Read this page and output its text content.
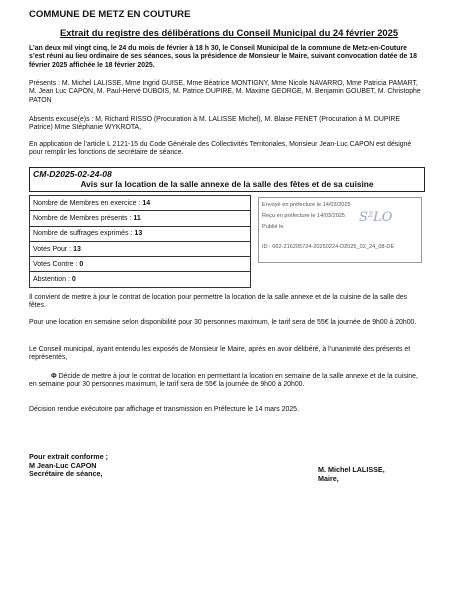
COMMUNE DE METZ EN COUTURE
Extrait du registre des délibérations du Conseil Municipal du 24 février 2025
L’an deux mil vingt cinq, le 24 du mois de février à 18 h 30, le Conseil Municipal de la commune de Metz-en-Couture s’est réuni au lieu ordinaire de ses séances, sous la présidence de Monsieur le Maire, suivant convocation datée de 18 février 2025 affichée le 18 février 2025.
Présents : M. Michel LALISSE, Mme Ingrid GUISE, Mme Béatrice MONTIGNY, Mme Nicole NAVARRO, Mme Patricia PAMART, M. Jean Luc CAPON, M. Paul-Hervé DUBOIS, M. Patrice DUPIRE, M. Maxime GEORGE, M. Benjamin GOUBET, M. Christophe PATON
Absents excusé(e)s : M. Richard RISSO (Procuration à M. LALISSE Michel), M. Blaise FENET (Procuration à M. DUPIRE Patrice) Mme Stéphanie WYKROTA,
En application de l’article L 2121-15 du Code Générale des Collectivités Territoriales, Monsieur Jean-Luc CAPON est désigné pour remplir les fonctions de secrétaire de séance.
CM-D2025-02-24-08
Avis sur la location de la salle annexe de la salle des fêtes et de sa cuisine
Nombre de Membres en exercice : 14
Nombre de Membres présents : 11
Nombre de suffrages exprimés : 13
Votes Pour : 13
Votes Contre : 0
Abstention : 0
Envoyé en préfecture le 14/03/2025
Reçu en préfecture le 14/03/2025
Publié le
ID : 062-216205724-20250224-D2025_02_24_08-DE
S²LO
Il convient de mettre à jour le contrat de location pour permettre la location de la salle annexe et de la cuisine de la salle des fêtes.
Pour une location en semaine selon disponibilité pour 30 personnes maximum, le tarif sera de 55€ la journée de 9h00 à 20h00.
Le Conseil municipal, ayant entendu les exposés de Monsieur le Maire, après en avoir délibéré, à l’unanimité des présents et représentés,
Φ Décide de mettre à jour le contrat de location en permettant la location en semaine de la salle annexe et de la cuisine, en semaine pour 30 personnes maximum, le tarif sera de 55€ la journée de 9h00 à 20h00.
Décision rendue exécutoire par affichage et transmission en Préfecture le 14 mars 2025.
Pour extrait conforme ;
M Jean-Luc CAPON
Secrétaire de séance,	M. Michel LALISSE,
Maire,
